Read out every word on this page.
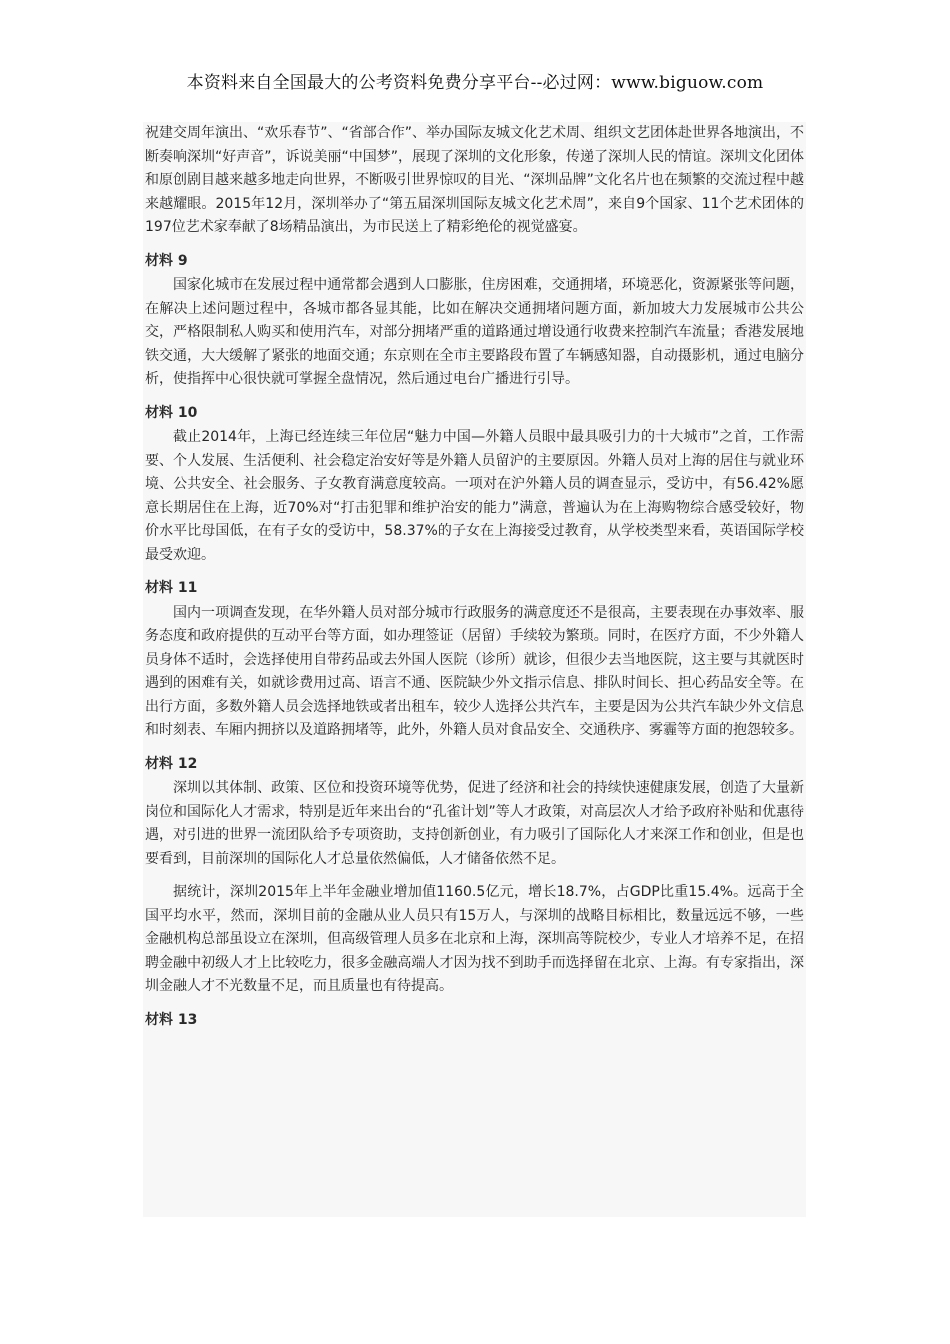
本资料来自全国最大的公考资料免费分享平台--必过网：www.biguow.com

祝建交周年演出、“欢乐春节”、“省部合作”、举办国际友城文化艺术周、组织文艺团体赴世界各地演出，不断奏响深圳“好声音”，诉说美丽“中国梦”，展现了深圳的文化形象，传递了深圳人民的情谊。深圳文化团体和原创剧目越来越多地走向世界，不断吸引世界惊叹的目光、“深圳品牌”文化名片也在频繁的交流过程中越来越耀眼。2015年12月，深圳举办了“第五届深圳国际友城文化艺术周”，来自9个国家、11个艺术团体的197位艺术家奉献了8场精品演出，为市民送上了精彩绝伦的视觉盛宴。

材料 9

国家化城市在发展过程中通常都会遇到人口膨胀，住房困难，交通拥堵，环境恶化，资源紧张等问题，在解决上述问题过程中，各城市都各显其能，比如在解决交通拥堵问题方面，新加坡大力发展城市公共公交，严格限制私人购买和使用汽车，对部分拥堵严重的道路通过增设通行收费来控制汽车流量；香港发展地铁交通，大大缓解了紧张的地面交通；东京则在全市主要路段布置了车辆感知器，自动摄影机，通过电脑分析，使指挥中心很快就可掌握全盘情况，然后通过电台广播进行引导。

材料 10

截止2014年，上海已经连续三年位居“魅力中国—外籍人员眼中最具吸引力的十大城市”之首，工作需要、个人发展、生活便利、社会稳定治安好等是外籍人员留沪的主要原因。外籍人员对上海的居住与就业环境、公共安全、社会服务、子女教育满意度较高。一项对在沪外籍人员的调查显示，受访中，有56.42%愿意长期居住在上海，近70%对“打击犯罪和维护治安的能力”满意，普遍认为在上海购物综合感受较好，物价水平比母国低，在有子女的受访中，58.37%的子女在上海接受过教育，从学校类型来看，英语国际学校最受欢迎。

材料 11

国内一项调查发现，在华外籍人员对部分城市行政服务的满意度还不是很高，主要表现在办事效率、服务态度和政府提供的互动平台等方面，如办理签证（居留）手续较为繁琐。同时，在医疗方面，不少外籍人员身体不适时，会选择使用自带药品或去外国人医院（诊所）就诊，但很少去当地医院，这主要与其就医时遇到的困难有关，如就诊费用过高、语言不通、医院缺少外文指示信息、排队时间长、担心药品安全等。在出行方面，多数外籍人员会选择地铁或者出租车，较少人选择公共汽车，主要是因为公共汽车缺少外文信息和时刻表、车厢内拥挤以及道路拥堵等，此外，外籍人员对食品安全、交通秩序、雾霾等方面的抱怨较多。

材料 12

深圳以其体制、政策、区位和投资环境等优势，促进了经济和社会的持续快速健康发展，创造了大量新岗位和国际化人才需求，特别是近年来出台的“孔雀计划”等人才政策，对高层次人才给予政府补贴和优惠待遇，对引进的世界一流团队给予专项资助，支持创新创业，有力吸引了国际化人才来深工作和创业，但是也要看到，目前深圳的国际化人才总量依然偏低，人才储备依然不足。

据统计，深圳2015年上半年金融业增加值1160.5亿元，增长18.7%，占GDP比重15.4%。远高于全国平均水平，然而，深圳目前的金融从业人员只有15万人，与深圳的战略目标相比，数量远远不够，一些金融机构总部虽设立在深圳，但高级管理人员多在北京和上海，深圳高等院校少，专业人才培养不足，在招聘金融中初级人才上比较吃力，很多金融高端人才因为找不到助手而选择留在北京、上海。有专家指出，深圳金融人才不光数量不足，而且质量也有待提高。

材料 13
